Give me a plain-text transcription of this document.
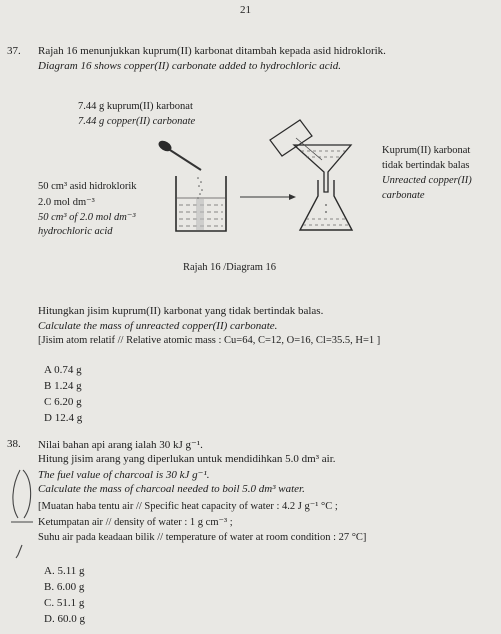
21
37. Rajah 16 menunjukkan kuprum(II) karbonat ditambah kepada asid hidroklorik.
Diagram 16 shows copper(II) carbonate added to hydrochloric acid.
7.44 g kuprum(II) karbonat
7.44 g copper(II) carbonate
50 cm³ asid hidroklorik
2.0 mol dm⁻³
50 cm³ of 2.0 mol dm⁻³
hydrochloric acid
Kuprum(II) karbonat
tidak bertindak balas
Unreacted copper(II)
carbonate
Rajah 16 /Diagram 16
Hitungkan jisim kuprum(II) karbonat yang tidak bertindak balas.
Calculate the mass of unreacted copper(II) carbonate.
[Jisim atom relatif // Relative atomic mass : Cu=64, C=12, O=16, Cl=35.5, H=1 ]
A 0.74 g
B 1.24 g
C 6.20 g
D 12.4 g
38. Nilai bahan api arang ialah 30 kJ g⁻¹.
Hitung jisim arang yang diperlukan untuk mendidihkan 5.0 dm³ air.
The fuel value of charcoal is 30 kJ g⁻¹.
Calculate the mass of charcoal needed to boil 5.0 dm³ water.
[Muatan haba tentu air // Specific heat capacity of water : 4.2 J g⁻¹ °C ;
Ketumpatan air // density of water : 1 g cm⁻³ ;
Suhu air pada keadaan bilik // temperature of water at room condition : 27 °C]
A. 5.11 g
B. 6.00 g
C. 51.1 g
D. 60.0 g
